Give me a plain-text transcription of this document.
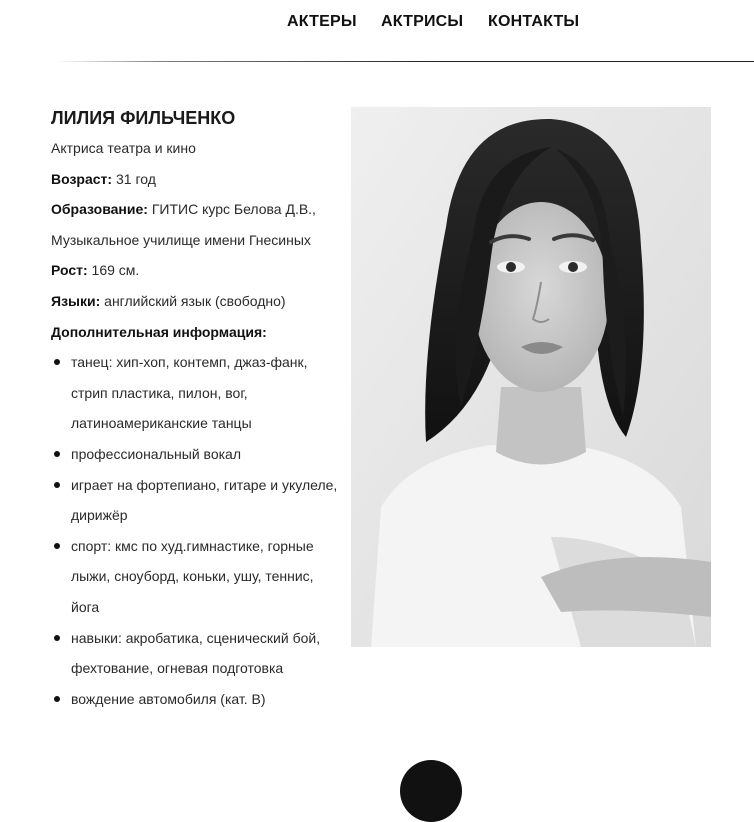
АКТЕРЫ АКТРИСЫ КОНТАКТЫ
ЛИЛИЯ ФИЛЬЧЕНКО
Актриса театра и кино
Возраст: 31 год
Образование: ГИТИС курс Белова Д.В.,
Музыкальное училище имени Гнесиных
Рост: 169 см.
Языки: английский язык (свободно)
Дополнительная информация:
танец: хип-хоп, контемп, джаз-фанк, стрип пластика, пилон, вог, латиноамериканские танцы
профессиональный вокал
играет на фортепиано, гитаре и укулеле, дирижёр
спорт: кмс по худ.гимнастике, горные лыжи, сноуборд, коньки, ушу, теннис, йога
навыки: акробатика, сценический бой, фехтование, огневая подготовка
вождение автомобиля (кат. В)
